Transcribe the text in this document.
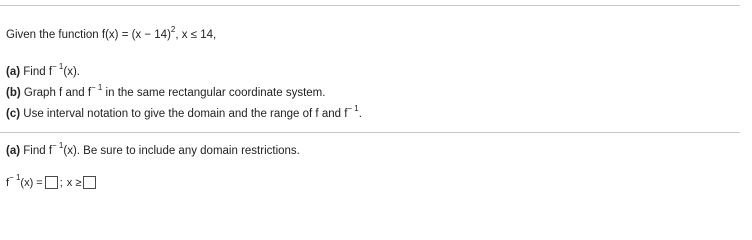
Given the function $f(x) = (x - 14)^2$, x ≤ 14,
(a) Find $f^{- 1}(x)$.
(b) Graph f and $f^{- 1}$ in the same rectangular coordinate system.
(c) Use interval notation to give the domain and the range of f and $f^{- 1}$.
(a) Find $f^{- 1}(x)$. Be sure to include any domain restrictions.
$f^{- 1}(x)$ = ; x ≥
